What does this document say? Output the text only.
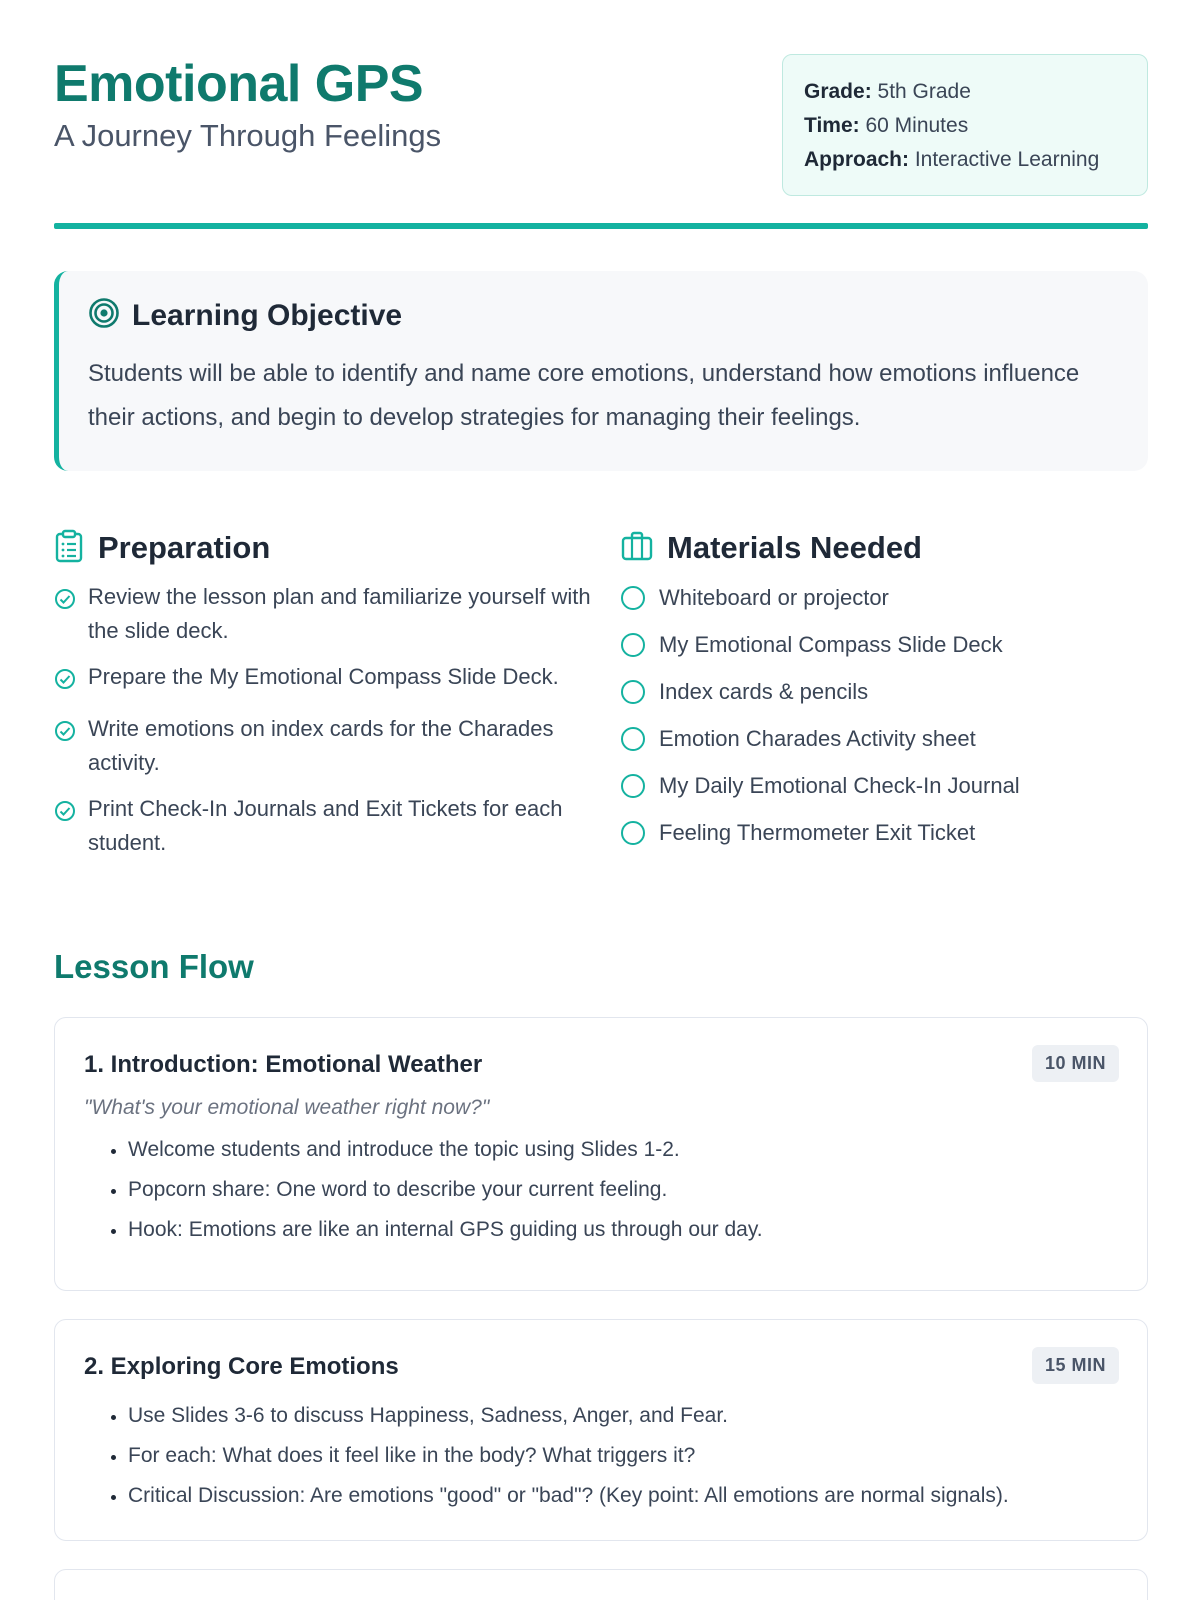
Emotional GPS
A Journey Through Feelings
Grade: 5th Grade
Time: 60 Minutes
Approach: Interactive Learning
Learning Objective

Students will be able to identify and name core emotions, understand how emotions influence their actions, and begin to develop strategies for managing their feelings.

Preparation
Review the lesson plan and familiarize yourself with the slide deck.
Prepare the My Emotional Compass Slide Deck.
Write emotions on index cards for the Charades activity.
Print Check-In Journals and Exit Tickets for each student.
Materials Needed
Whiteboard or projector
My Emotional Compass Slide Deck
Index cards & pencils
Emotion Charades Activity sheet
My Daily Emotional Check-In Journal
Feeling Thermometer Exit Ticket
Lesson Flow
1. Introduction: Emotional Weather	10 MIN

"What's your emotional weather right now?"

• Welcome students and introduce the topic using Slides 1-2.
• Popcorn share: One word to describe your current feeling.
• Hook: Emotions are like an internal GPS guiding us through our day.
2. Exploring Core Emotions	15 MIN
• Use Slides 3-6 to discuss Happiness, Sadness, Anger, and Fear.
• For each: What does it feel like in the body? What triggers it?
• Critical Discussion: Are emotions "good" or "bad"? (Key point: All emotions are normal signals).
